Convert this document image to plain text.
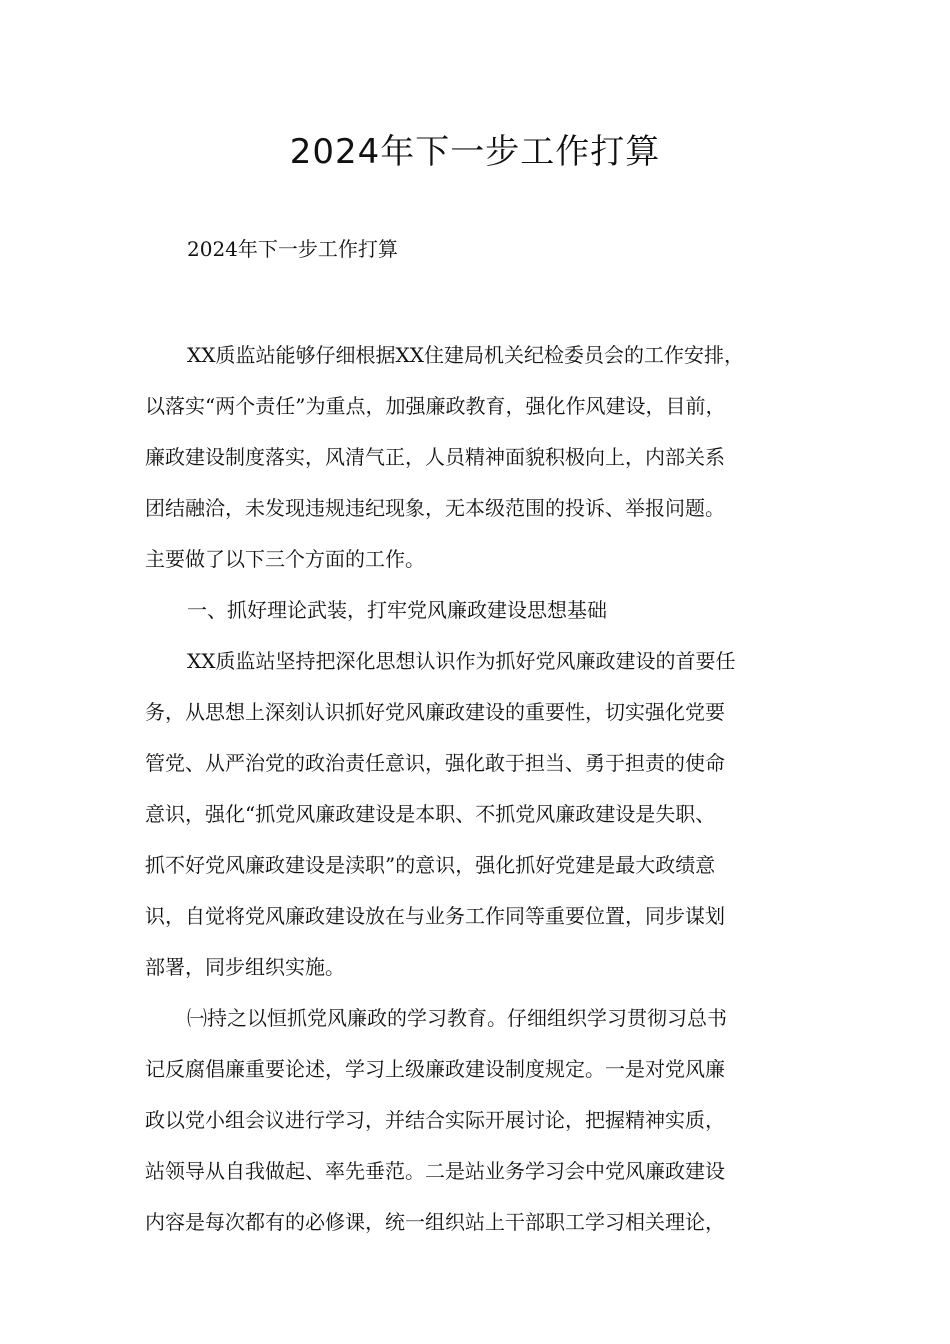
2024年下一步工作打算

2024年下一步工作打算

XX质监站能够仔细根据XX住建局机关纪检委员会的工作安排，

以落实“两个责任”为重点，加强廉政教育，强化作风建设，目前，

廉政建设制度落实，风清气正，人员精神面貌积极向上，内部关系

团结融洽，未发现违规违纪现象，无本级范围的投诉、举报问题。

主要做了以下三个方面的工作。

一、抓好理论武装，打牢党风廉政建设思想基础

XX质监站坚持把深化思想认识作为抓好党风廉政建设的首要任

务，从思想上深刻认识抓好党风廉政建设的重要性，切实强化党要

管党、从严治党的政治责任意识，强化敢于担当、勇于担责的使命

意识，强化“抓党风廉政建设是本职、不抓党风廉政建设是失职、

抓不好党风廉政建设是渎职”的意识，强化抓好党建是最大政绩意

识，自觉将党风廉政建设放在与业务工作同等重要位置，同步谋划

部署，同步组织实施。

㈠持之以恒抓党风廉政的学习教育。仔细组织学习贯彻习总书

记反腐倡廉重要论述，学习上级廉政建设制度规定。一是对党风廉

政以党小组会议进行学习，并结合实际开展讨论，把握精神实质，

站领导从自我做起、率先垂范。二是站业务学习会中党风廉政建设

内容是每次都有的必修课，统一组织站上干部职工学习相关理论，
